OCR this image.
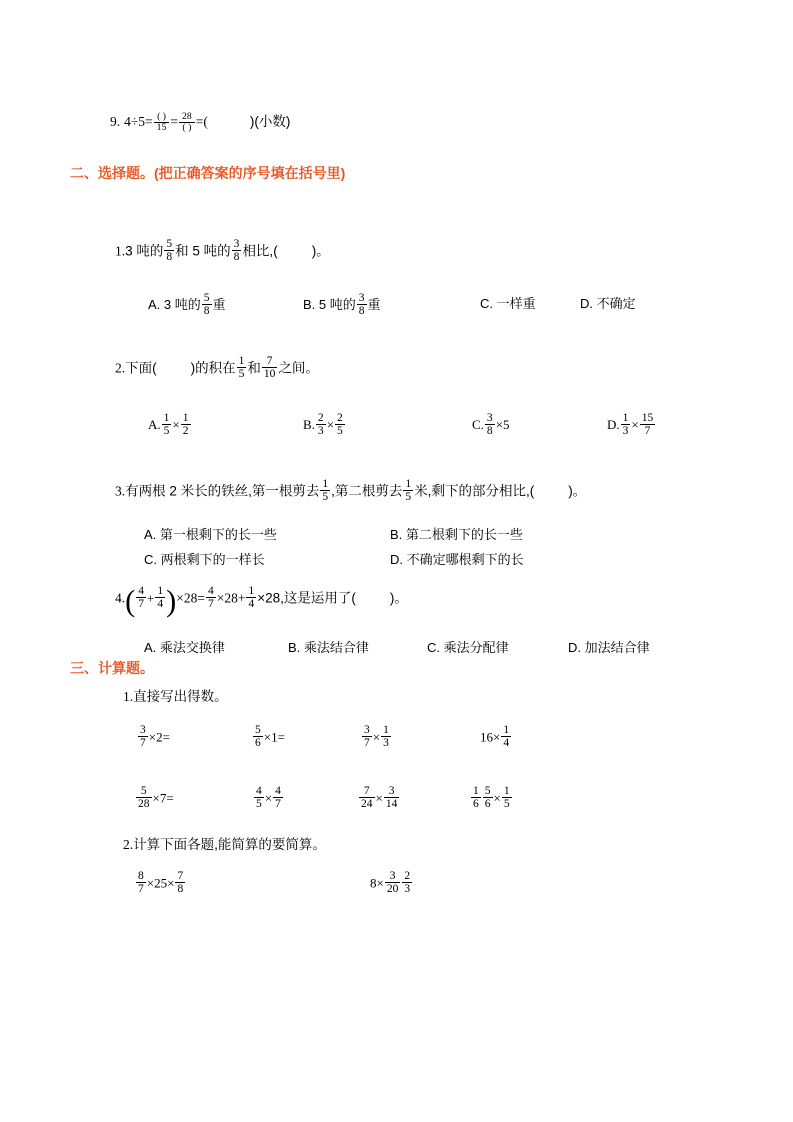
9. $4\div 5= \frac{( )}{15} = \frac{28}{( )}$ =(	)(小数)
二、选择题。(把正确答案的序号填在括号里)
1.3 吨的 $\frac{5}{8}$ 和 5 吨的 $\frac{3}{8}$ 相比,(	)。
A. 3 吨的 $\frac{5}{8}$ 重	B. 5 吨的 $\frac{3}{8}$ 重	C. 一样重	D. 不确定
2.下面(	)的积在 $\frac{1}{5}$ 和 $\frac{7}{10}$ 之间。
A. $\frac{1}{5} \times \frac{1}{2}$	B. $\frac{2}{3} \times \frac{2}{5}$	C. $\frac{3}{8} \times 5$	D. $\frac{1}{3} \times \frac{15}{7}$
3.有两根 2 米长的铁丝,第一根剪去 $\frac{1}{5}$ ,第二根剪去 $\frac{1}{5}$ 米,剩下的部分相比,(	)。
A. 第一根剩下的长一些	B. 第二根剩下的长一些
C. 两根剩下的一样长	D. 不确定哪根剩下的长
$4.( \frac{4}{7} + \frac{1}{4} )\times 28= \frac{4}{7} \times 28+ \frac{1}{4} \times 28$,这是运用了(	)。
A. 乘法交换律	B. 乘法结合律	C. 乘法分配律	D. 加法结合律
三、计算题。
1.直接写出得数。
$\frac{3}{7} \times 2=$	$\frac{5}{6} \times 1=$	$\frac{3}{7} \times \frac{1}{3}$	$16\times \frac{1}{4}$
$\frac{5}{28} \times 7=$	$\frac{4}{5} \times \frac{4}{7}$	$\frac{7}{24} \times \frac{3}{14}$	$\frac{1}{6} \frac{5}{6} \times \frac{1}{5}$
2.计算下面各题,能简算的要简算。
$\frac{8}{7} \times 25\times \frac{7}{8}$	$8\times \frac{3}{20} \frac{2}{3}$
